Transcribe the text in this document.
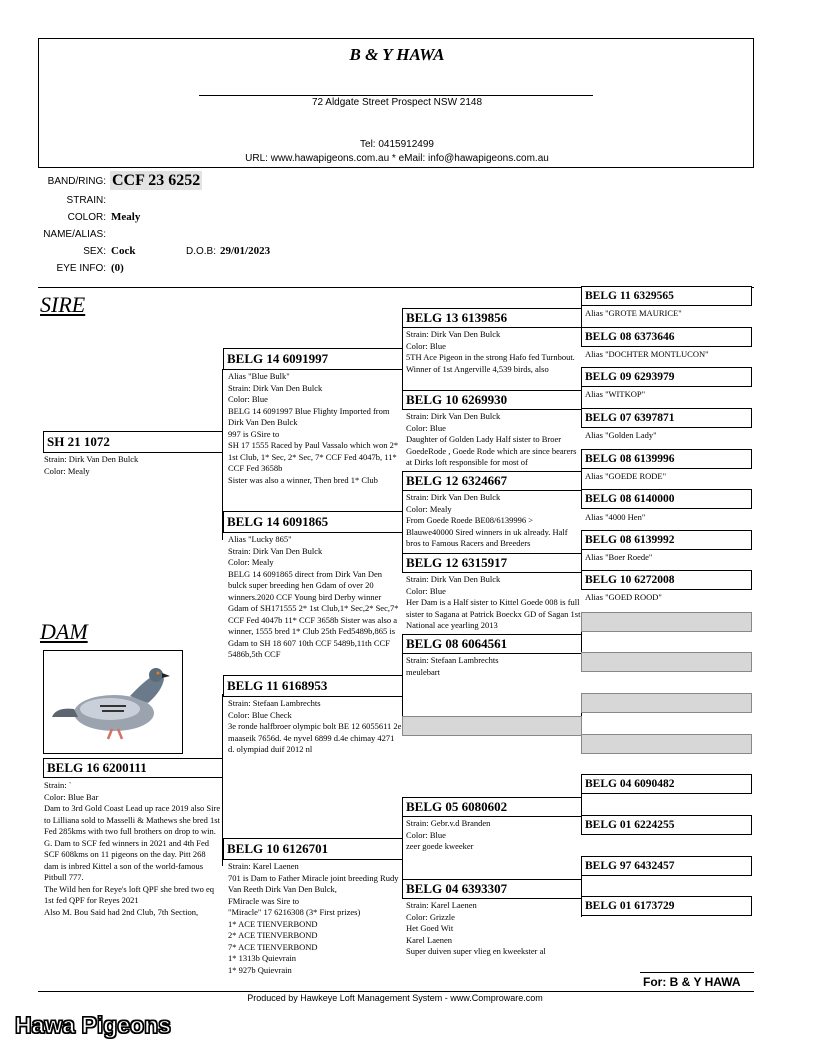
B & Y HAWA
72 Aldgate Street Prospect NSW 2148
Tel: 0415912499
URL: www.hawapigeons.com.au * eMail: info@hawapigeons.com.au
BAND/RING: CCF 23 6252
STRAIN:
COLOR: Mealy
NAME/ALIAS:
SEX: Cock	D.O.B: 29/01/2023
EYE INFO: (0)
SIRE
DAM
SH 21 1072
Strain: Dirk Van Den Bulck
Color: Mealy
BELG 16 6200111
Strain: `
Color: Blue Bar
Dam to 3rd Gold Coast Lead up race 2019 also Sire to Lilliana sold to Masselli & Mathews she bred 1st Fed 285kms with two full brothers on drop to win. G. Dam to SCF fed winners in 2021 and 4th Fed SCF 608kms on 11 pigeons on the day. Pitt 268 dam is inbred Kittel a son of the world-famous Pitbull 777.
The Wild hen for Reye's loft QPF she bred two eq 1st fed QPF for Reyes 2021
Also M. Bou Said had 2nd Club, 7th Section,
BELG 14 6091997
Alias "Blue Bulk"
Strain: Dirk Van Den Bulck
Color: Blue
BELG 14 6091997 Blue Flighty Imported from Dirk Van Den Bulck
997 is GSire to
SH 17 1555 Raced by Paul Vassalo which won 2* 1st Club, 1* Sec, 2* Sec, 7* CCF Fed 4047b, 11* CCF Fed 3658b
Sister was also a winner, Then bred 1* Club
BELG 14 6091865
Alias "Lucky 865"
Strain: Dirk Van Den Bulck
Color: Mealy
BELG 14 6091865 direct from Dirk Van Den bulck super breeding hen Gdam of over 20 winners.2020 CCF Young bird Derby winner Gdam of SH171555 2* 1st Club,1* Sec,2* Sec,7* CCF Fed 4047b 11* CCF 3658b Sister was also a winner, 1555 bred 1* Club 25th Fed5489b,865 is Gdam to SH 18 607 10th CCF 5489b,11th CCF 5486b,5th CCF
BELG 11 6168953
Strain: Stefaan Lambrechts
Color: Blue Check
3e ronde halfbroer olympic bolt BE 12 6055611 2e maaseik 7656d. 4e nyvel 6899 d.4e chimay 4271 d. olympiad duif 2012 nl
BELG 10 6126701
Strain: Karel Laenen
701 is Dam to Father Miracle joint breeding Rudy Van Reeth Dirk Van Den Bulck,
FMiracle was Sire to
"Miracle" 17 6216308 (3* First prizes)
1* ACE TIENVERBOND
2* ACE TIENVERBOND
7* ACE TIENVERBOND
1* 1313b Quievrain
1* 927b Quievrain
BELG 13 6139856
Strain: Dirk Van Den Bulck
Color: Blue
5TH Ace Pigeon in the strong Hafo fed Turnbout.
Winner of 1st Angerville 4,539 birds, also
BELG 10 6269930
Strain: Dirk Van Den Bulck
Color: Blue
Daughter of Golden Lady Half sister to Broer GoedeRode , Goede Rode which are since bearers at Dirks loft responsible for most of
BELG 12 6324667
Strain: Dirk Van Den Bulck
Color: Mealy
From Goede Roede BE08/6139996 > Blauwe40000 Sired winners in uk already. Half bros to Famous Racers and Breeders
BELG 12 6315917
Strain: Dirk Van Den Bulck
Color: Blue
Her Dam is a Half sister to Kittel Goede 008 is full sister to Sagana at Patrick Boeckx GD of Sagan 1st National ace yearling 2013
BELG 08 6064561
Strain: Stefaan Lambrechts
meulebart
BELG 05 6080602
Strain: Gebr.v.d Branden
Color: Blue
zeer goede kweeker
BELG 04 6393307
Strain: Karel Laenen
Color: Grizzle
Het Goed Wit
Karel Laenen
Super duiven super vlieg en kweekster al
BELG 11 6329565
Alias "GROTE MAURICE"
BELG 08 6373646
Alias "DOCHTER MONTLUCON"
BELG 09 6293979
Alias "WITKOP"
BELG 07 6397871
Alias "Golden Lady"
BELG 08 6139996
Alias "GOEDE RODE"
BELG 08 6140000
Alias "4000 Hen"
BELG 08 6139992
Alias "Boer Roede"
BELG 10 6272008
Alias "GOED ROOD"
BELG 04 6090482
BELG 01 6224255
BELG 97 6432457
BELG 01 6173729
For: B & Y HAWA
Produced by Hawkeye Loft Management System - www.Comproware.com
Hawa Pigeons
